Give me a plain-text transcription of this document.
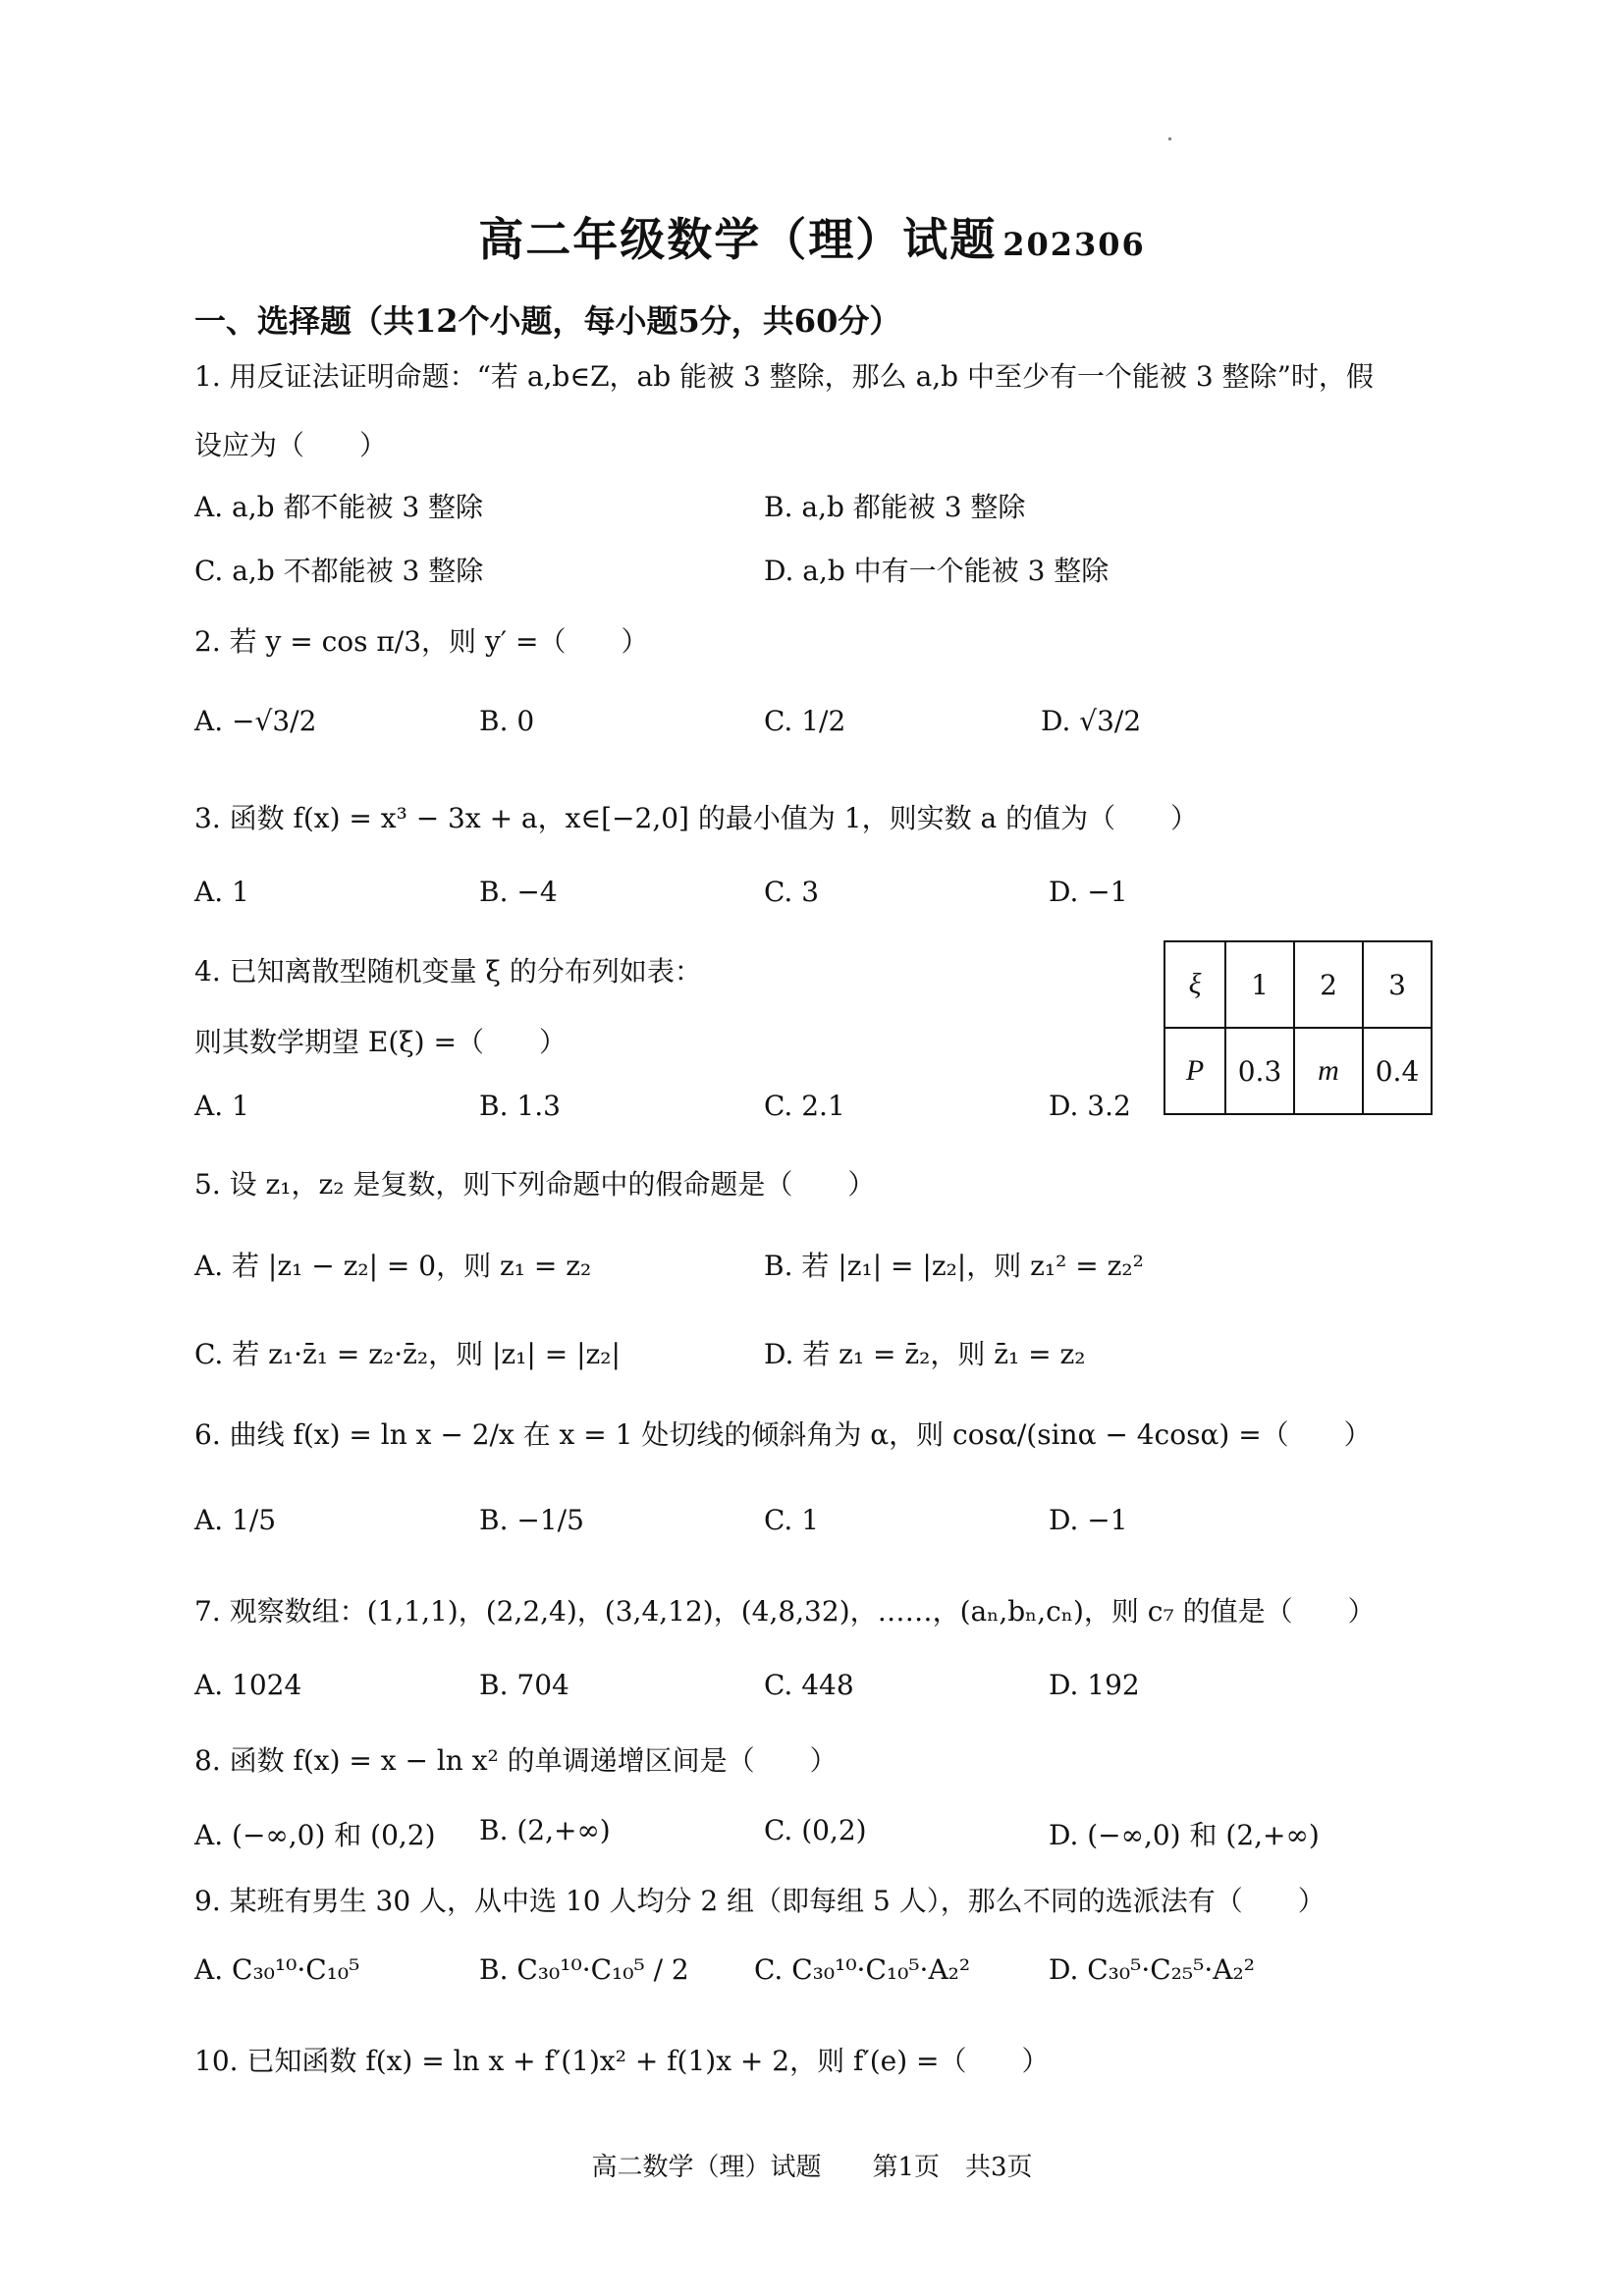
高二年级数学（理）试题 202306
一、选择题（共12个小题，每小题5分，共60分）
1. 用反证法证明命题：“若 a,b∈Z，ab 能被 3 整除，那么 a,b 中至少有一个能被 3 整除”时，假
设应为（　　）
A. a,b 都不能被 3 整除	B. a,b 都能被 3 整除
C. a,b 不都能被 3 整除	D. a,b 中有一个能被 3 整除
2. 若 y = cos π/3，则 y′ =（　　）
A. −√3/2	B. 0	C. 1/2	D. √3/2
3. 函数 f(x) = x³ − 3x + a，x∈[−2,0] 的最小值为 1，则实数 a 的值为（　　）
A. 1	B. −4	C. 3	D. −1
4. 已知离散型随机变量 ξ 的分布列如表：
则其数学期望 E(ξ) =（　　）
A. 1	B. 1.3	C. 2.1	D. 3.2
ξ	1	2	3
P	0.3	m	0.4
5. 设 z₁，z₂ 是复数，则下列命题中的假命题是（　　）
A. 若 |z₁ − z₂| = 0，则 z₁ = z₂	B. 若 |z₁| = |z₂|，则 z₁² = z₂²
C. 若 z₁·z̄₁ = z₂·z̄₂，则 |z₁| = |z₂|	D. 若 z₁ = z̄₂，则 z̄₁ = z₂
6. 曲线 f(x) = ln x − 2/x 在 x = 1 处切线的倾斜角为 α，则 cosα/(sinα − 4cosα) =（　　）
A. 1/5	B. −1/5	C. 1	D. −1
7. 观察数组：(1,1,1)，(2,2,4)，(3,4,12)，(4,8,32)，……，(aₙ,bₙ,cₙ)，则 c₇ 的值是（　　）
A. 1024	B. 704	C. 448	D. 192
8. 函数 f(x) = x − ln x² 的单调递增区间是（　　）
A. (−∞,0) 和 (0,2) B. (2,+∞)	C. (0,2)	D. (−∞,0) 和 (2,+∞)
9. 某班有男生 30 人，从中选 10 人均分 2 组（即每组 5 人），那么不同的选派法有（　　）
A. C₃₀¹⁰·C₁₀⁵	B. C₃₀¹⁰·C₁₀⁵ / 2 C. C₃₀¹⁰·C₁₀⁵·A₂²	D. C₃₀⁵·C₂₅⁵·A₂²
10. 已知函数 f(x) = ln x + f′(1)x² + f(1)x + 2，则 f′(e) =（　　）
高二数学（理）试题　　第1页　共3页
